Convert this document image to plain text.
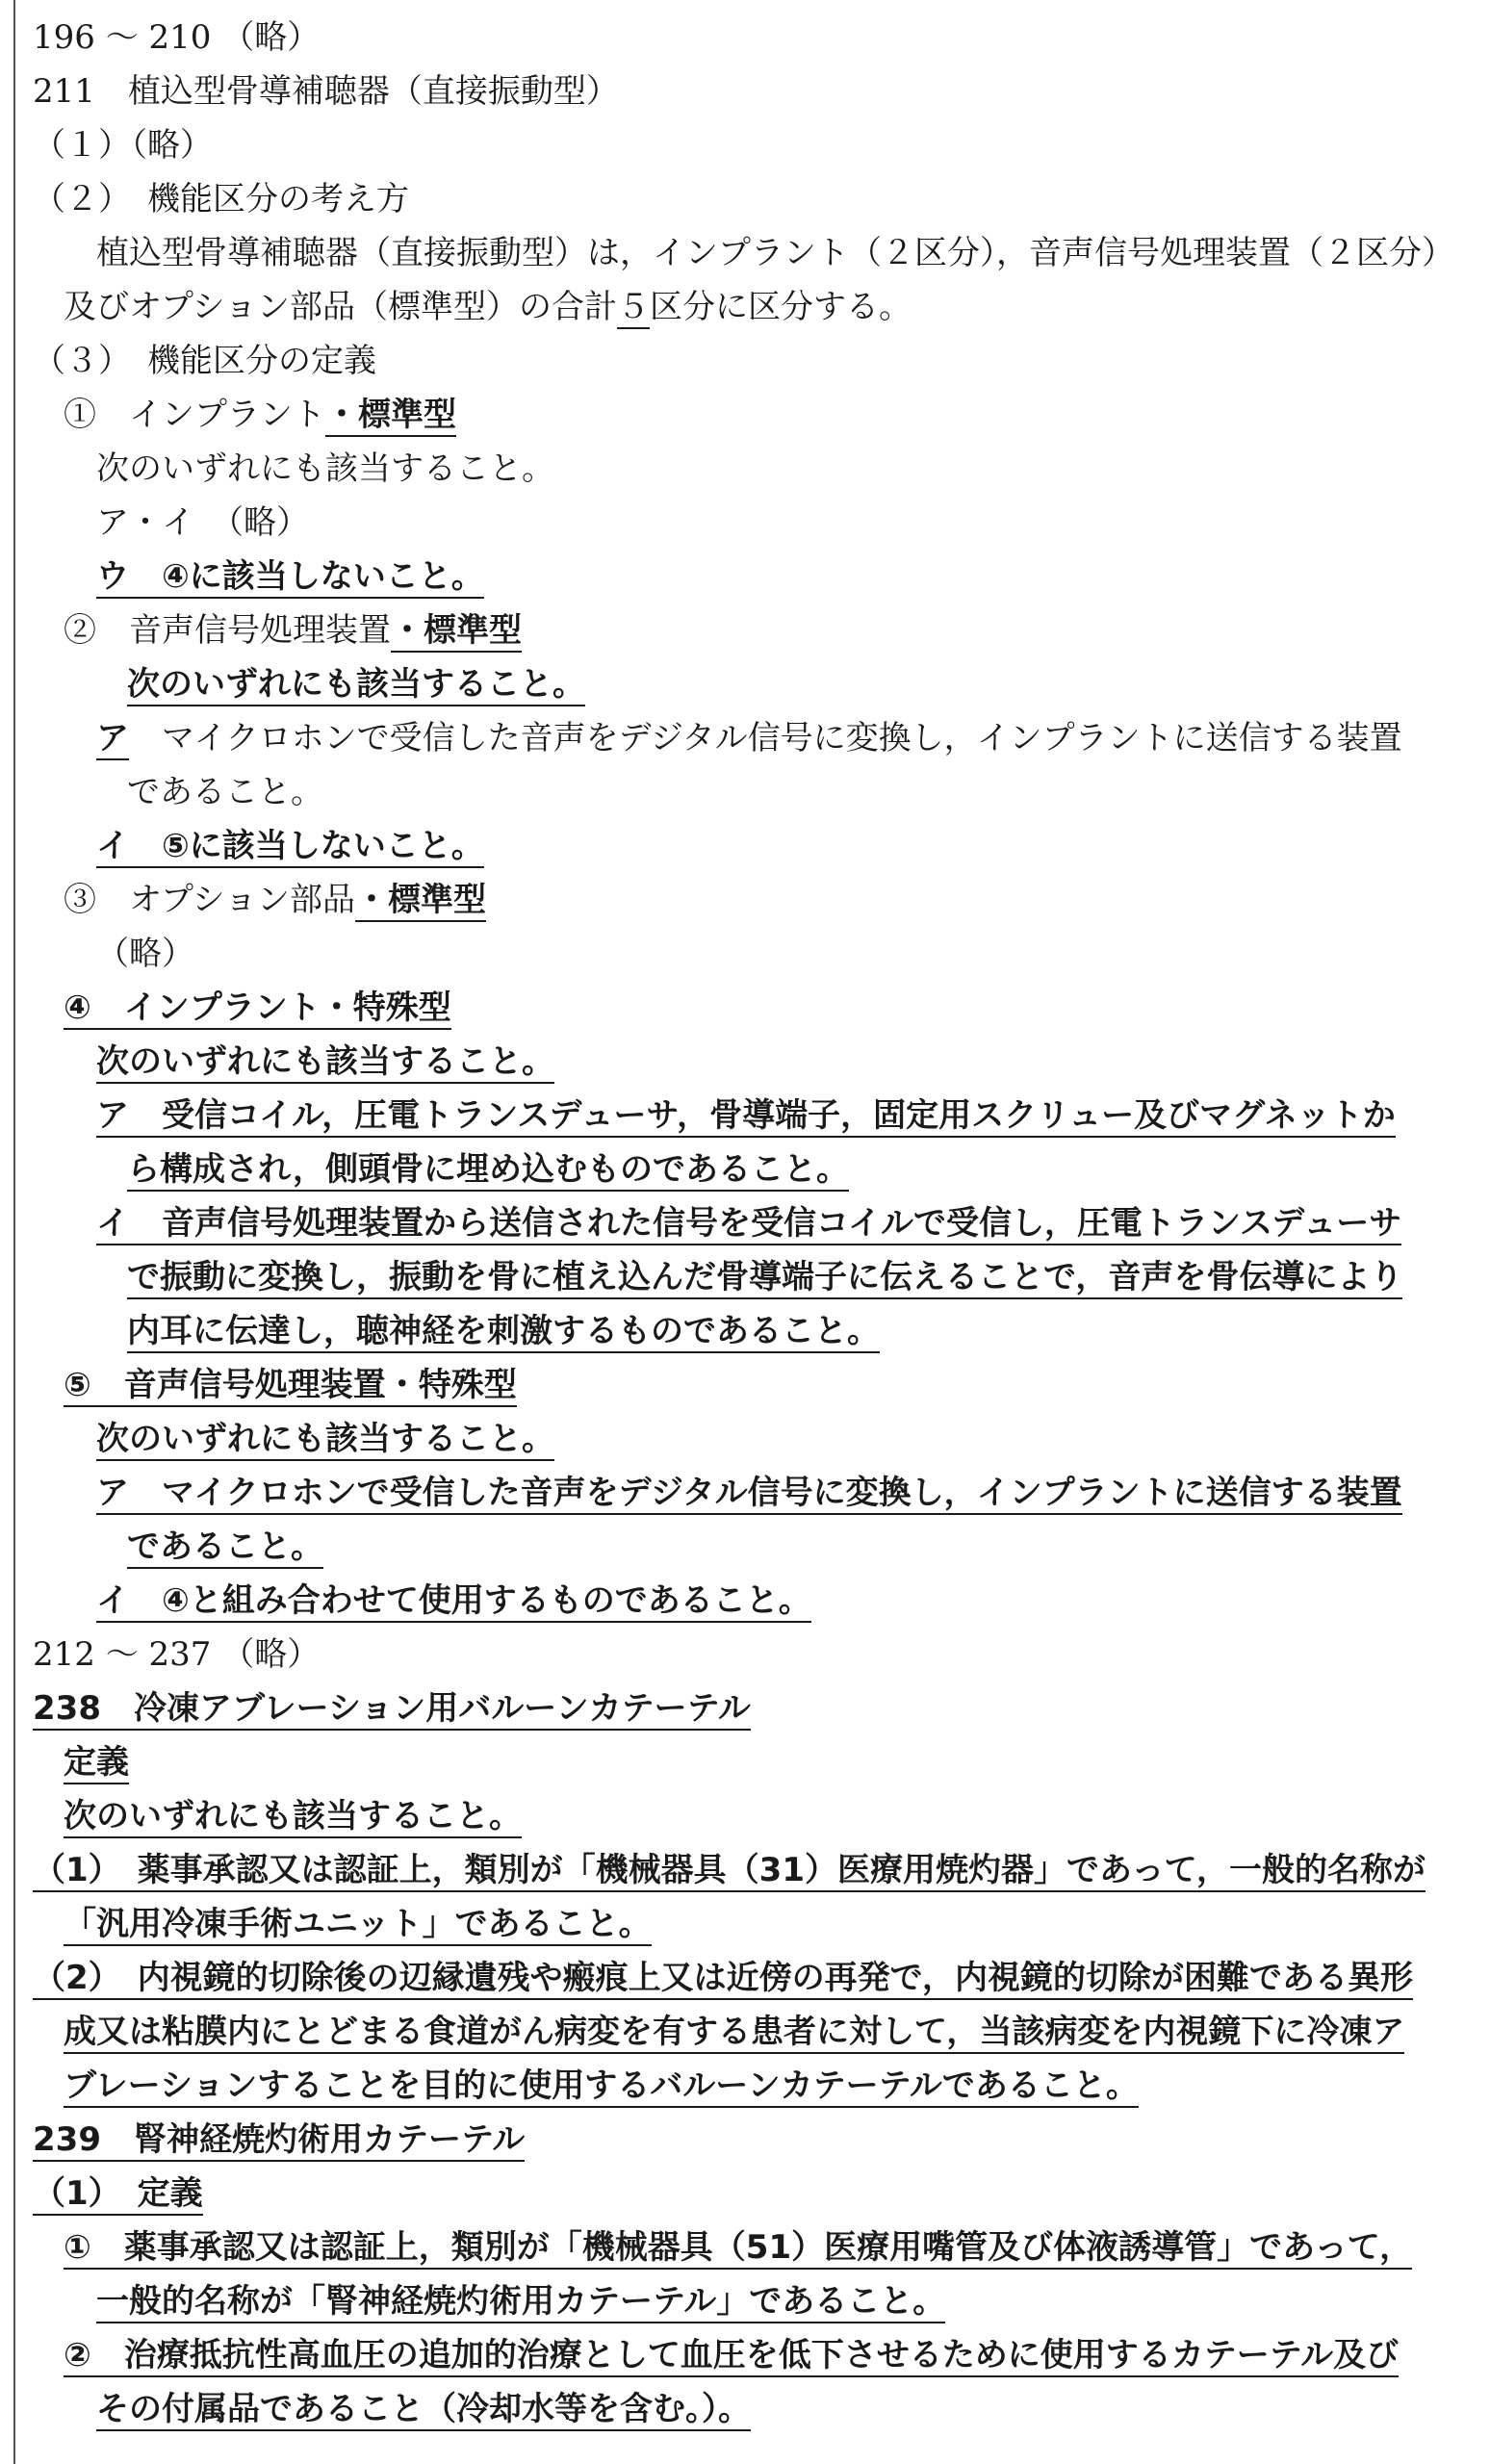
196 ～ 210 （略）
211　植込型骨導補聴器（直接振動型）
（１）（略）
（２）　機能区分の考え方
植込型骨導補聴器（直接振動型）は，インプラント（２区分），音声信号処理装置（２区分）
及びオプション部品（標準型）の合計５区分に区分する。
（３）　機能区分の定義
①　インプラント・標準型
次のいずれにも該当すること。
ア・イ　（略）
ウ　④に該当しないこと。
②　音声信号処理装置・標準型
次のいずれにも該当すること。
ア　マイクロホンで受信した音声をデジタル信号に変換し，インプラントに送信する装置
であること。
イ　⑤に該当しないこと。
③　オプション部品・標準型
（略）
④　インプラント・特殊型
次のいずれにも該当すること。
ア　受信コイル，圧電トランスデューサ，骨導端子，固定用スクリュー及びマグネットか
ら構成され，側頭骨に埋め込むものであること。
イ　音声信号処理装置から送信された信号を受信コイルで受信し，圧電トランスデューサ
で振動に変換し，振動を骨に植え込んだ骨導端子に伝えることで，音声を骨伝導により
内耳に伝達し，聴神経を刺激するものであること。
⑤　音声信号処理装置・特殊型
次のいずれにも該当すること。
ア　マイクロホンで受信した音声をデジタル信号に変換し，インプラントに送信する装置
であること。
イ　④と組み合わせて使用するものであること。
212 ～ 237 （略）
238　冷凍アブレーション用バルーンカテーテル
定義
次のいずれにも該当すること。
（1）　薬事承認又は認証上，類別が「機械器具（31）医療用焼灼器」であって，一般的名称が
「汎用冷凍手術ユニット」であること。
（2）　内視鏡的切除後の辺縁遺残や瘢痕上又は近傍の再発で，内視鏡的切除が困難である異形
成又は粘膜内にとどまる食道がん病変を有する患者に対して，当該病変を内視鏡下に冷凍ア
ブレーションすることを目的に使用するバルーンカテーテルであること。
239　腎神経焼灼術用カテーテル
（1）　定義
①　薬事承認又は認証上，類別が「機械器具（51）医療用嘴管及び体液誘導管」であって，
一般的名称が「腎神経焼灼術用カテーテル」であること。
②　治療抵抗性高血圧の追加的治療として血圧を低下させるために使用するカテーテル及び
その付属品であること（冷却水等を含む。）。
